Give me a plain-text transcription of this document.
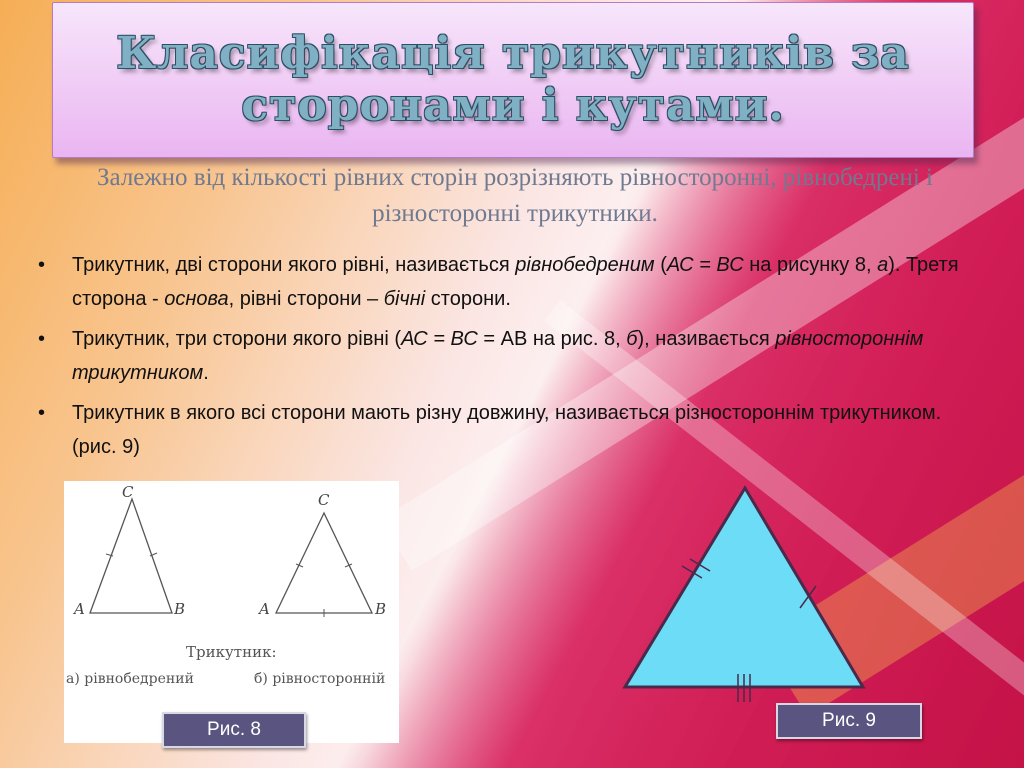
Класифікація трикутників за сторонами і кутами.
Залежно від кількості рівних сторін розрізняють рівносторонні, рівнобедрені і різносторонні трикутники.
• Трикутник, дві сторони якого рівні, називається рівнобедреним (АС = ВС на рисунку 8, а). Третя сторона - основа, рівні сторони – бічні сторони.
• Трикутник, три сторони якого рівні (АС = ВС = АВ на рис. 8, б), називається рівностороннім трикутником.
• Трикутник в якого всі сторони мають різну довжину, називається різностороннім трикутником. (рис. 9)
C
A	B
C
A	B
Трикутник:
а) рівнобедрений	б) рівносторонній
Рис. 8	Рис. 9
